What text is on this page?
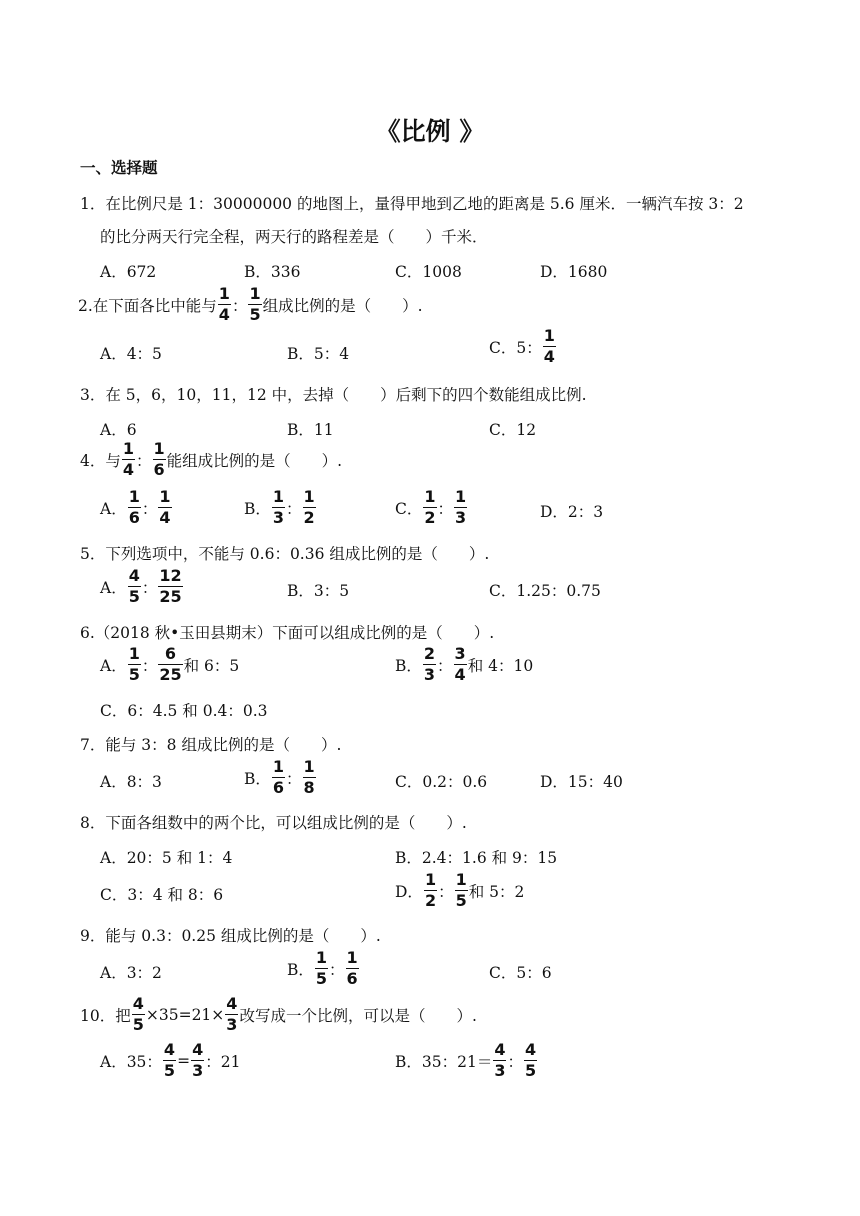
《比例 》
一、选择题
1．在比例尺是 1：30000000 的地图上，量得甲地到乙地的距离是 5.6 厘米．一辆汽车按 3：2
的比分两天行完全程，两天行的路程差是（　　）千米．
A．672	B．336	C．1008	D．1680
2.在下面各比中能与 $\frac{1}{4}$ ： $\frac{1}{5}$ 组成比例的是（　　）.
A．4：5	B．5：4	C．5： $\frac{1}{4}$
3．在 5，6，10，11，12 中，去掉（　　）后剩下的四个数能组成比例.
A．6	B．11	C．12
4．与 $\frac{1}{4}$ ： $\frac{1}{6}$ 能组成比例的是（　　）.
A． $\frac{1}{6}$ ： $\frac{1}{4}$	B． $\frac{1}{3}$ ： $\frac{1}{2}$	C． $\frac{1}{2}$ ： $\frac{1}{3}$	D．2：3
5．下列选项中，不能与 0.6：0.36 组成比例的是（　　）.
A． $\frac{4}{5}$ ： $\frac{12}{25}$	B．3：5	C．1.25：0.75
6.（2018 秋•玉田县期末）下面可以组成比例的是（　　）.
A． $\frac{1}{5}$ ： $\frac{6}{25}$ 和 6：5	B． $\frac{2}{3}$ ： $\frac{3}{4}$ 和 4：10
C．6：4.5 和 0.4：0.3
7．能与 3：8 组成比例的是（　　）.
A．8：3	B． $\frac{1}{6}$ ： $\frac{1}{8}$	C．0.2：0.6	D．15：40
8．下面各组数中的两个比，可以组成比例的是（　　）.
A．20：5 和 1：4	B．2.4：1.6 和 9：15
C．3：4 和 8：6	D． $\frac{1}{2}$ ： $\frac{1}{5}$ 和 5：2
9．能与 0.3：0.25 组成比例的是（　　）.
A．3：2	B． $\frac{1}{5}$ ： $\frac{1}{6}$	C．5：6
10．把 $\frac{4}{5} \times 35=21\times \frac{4}{3}$ 改写成一个比例，可以是（　　）.
A．35： $\frac{4}{5} = \frac{4}{3}$ ：21	B．35：$21= \frac{4}{3}$ ： $\frac{4}{5}$
